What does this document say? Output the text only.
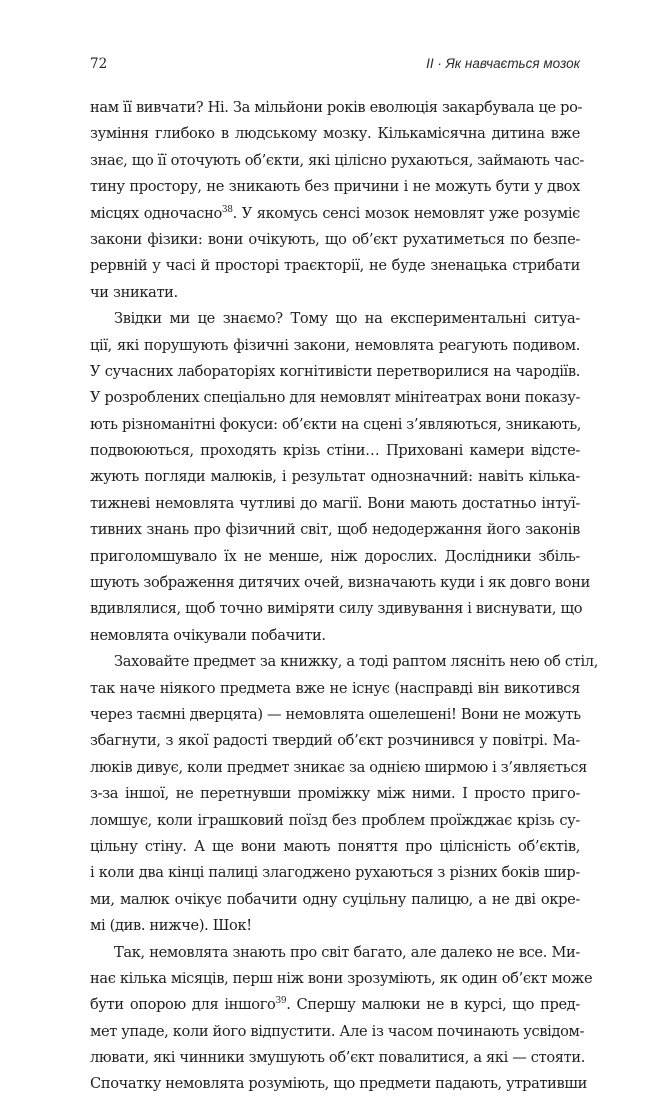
72	II · Як навчається мозок
нам її вивчати? Ні. За мільйони років еволюція закарбувала це ро-
зуміння глибоко в людському мозку. Кількамісячна дитина вже
знає, що її оточують об’єкти, які цілісно рухаються, займають час-
тину простору, не зникають без причини і не можуть бути у двох
місцях одночасно$^{38}$. У якомусь сенсі мозок немовлят уже розуміє
закони фізики: вони очікують, що об’єкт рухатиметься по безпе-
рервній у часі й просторі траєкторії, не буде зненацька стрибати
чи зникати.
Звідки ми це знаємо? Тому що на експериментальні ситуа-
ції, які порушують фізичні закони, немовлята реагують подивом.
У сучасних лабораторіях когнітивісти перетворилися на чародіїв.
У розроблених спеціально для немовлят мінітеатрах вони показу-
ють різноманітні фокуси: об’єкти на сцені з’являються, зникають,
подвоюються, проходять крізь стіни… Приховані камери відсте-
жують погляди малюків, і результат однозначний: навіть кілька-
тижневі немовлята чутливі до магії. Вони мають достатньо інтуї-
тивних знань про фізичний світ, щоб недодержання його законів
приголомшувало їх не менше, ніж дорослих. Дослідники збіль-
шують зображення дитячих очей, визначають куди і як довго вони
вдивлялися, щоб точно виміряти силу здивування і виснувати, що
немовлята очікували побачити.
Заховайте предмет за книжку, а тоді раптом лясніть нею об стіл,
так наче ніякого предмета вже не існує (насправді він викотився
через таємні дверцята) — немовлята ошелешені! Вони не можуть
збагнути, з якої радості твердий об’єкт розчинився у повітрі. Ма-
люків дивує, коли предмет зникає за однією ширмою і з’являється
з-за іншої, не перетнувши проміжку між ними. І просто приго-
ломшує, коли іграшковий поїзд без проблем проїжджає крізь су-
цільну стіну. А ще вони мають поняття про цілісність об’єктів,
і коли два кінці палиці злагоджено рухаються з різних боків шир-
ми, малюк очікує побачити одну суцільну палицю, а не дві окре-
мі (див. нижче). Шок!
Так, немовлята знають про світ багато, але далеко не все. Ми-
нає кілька місяців, перш ніж вони зрозуміють, як один об’єкт може
бути опорою для іншого$^{39}$. Спершу малюки не в курсі, що пред-
мет упаде, коли його відпустити. Але із часом починають усвідом-
лювати, які чинники змушують об’єкт повалитися, а які — стояти.
Спочатку немовлята розуміють, що предмети падають, утративши
